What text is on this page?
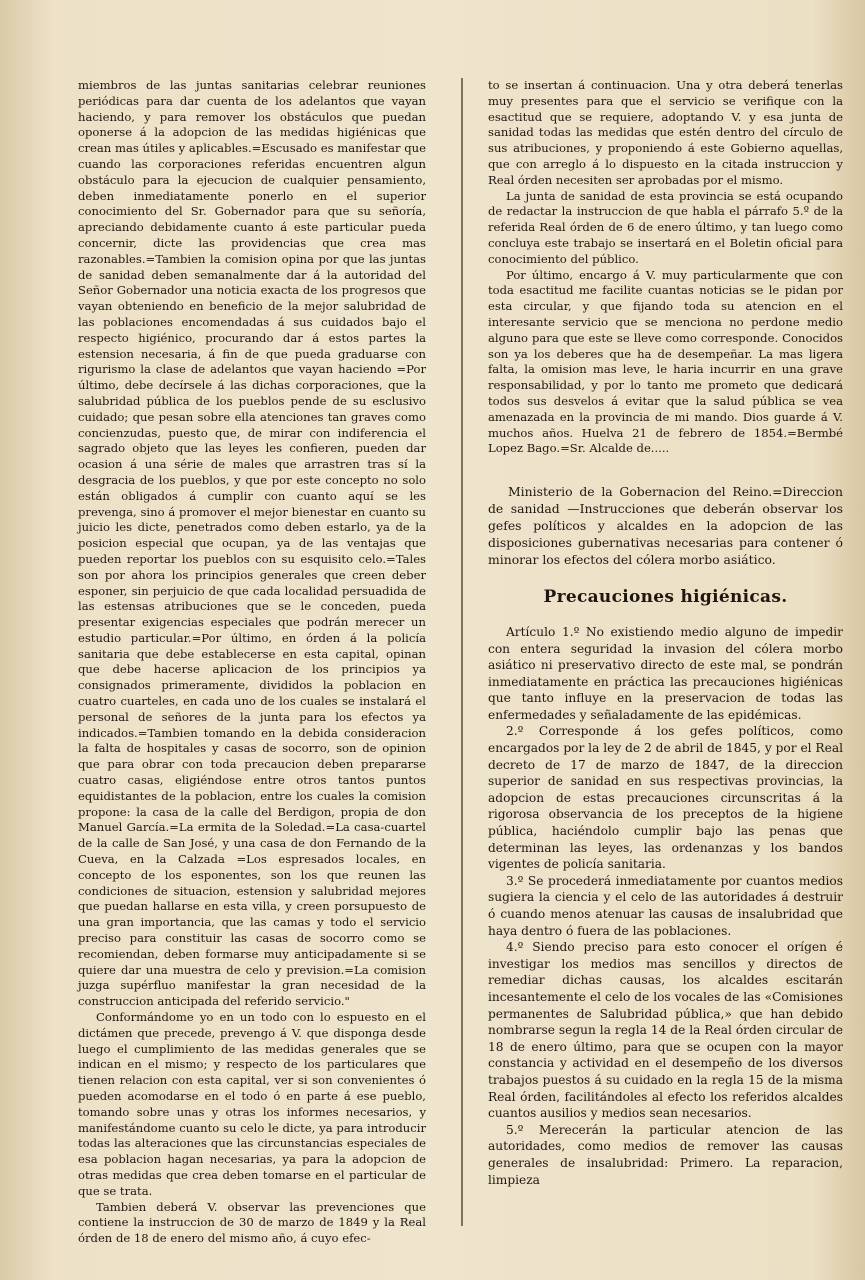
miembros de las juntas sanitarias celebrar reuniones periódicas para dar cuenta de los adelantos que vayan haciendo, y para remover los obstáculos que puedan oponerse á la adopcion de las medidas higiénicas que crean mas útiles y aplicables.=Escusado es manifestar que cuando las corporaciones referidas encuentren algun obstáculo para la ejecucion de cualquier pensamiento, deben inmediatamente ponerlo en el superior conocimiento del Sr. Gobernador para que su señoría, apreciando debidamente cuanto á este particular pueda concernir, dicte las providencias que crea mas razonables.=Tambien la comision opina por que las juntas de sanidad deben semanalmente dar á la autoridad del Señor Gobernador una noticia exacta de los progresos que vayan obteniendo en beneficio de la mejor salubridad de las poblaciones encomendadas á sus cuidados bajo el respecto higiénico, procurando dar á estos partes la estension necesaria, á fin de que pueda graduarse con rigurismo la clase de adelantos que vayan haciendo =Por último, debe decírsele á las dichas corporaciones, que la salubridad pública de los pueblos pende de su esclusivo cuidado; que pesan sobre ella atenciones tan graves como concienzudas, puesto que, de mirar con indiferencia el sagrado objeto que las leyes les confieren, pueden dar ocasion á una série de males que arrastren tras sí la desgracia de los pueblos, y que por este concepto no solo están obligados á cumplir con cuanto aquí se les prevenga, sino á promover el mejor bienestar en cuanto su juicio les dicte, penetrados como deben estarlo, ya de la posicion especial que ocupan, ya de las ventajas que pueden reportar los pueblos con su esquisito celo.=Tales son por ahora los principios generales que creen deber esponer, sin perjuicio de que cada localidad persuadida de las estensas atribuciones que se le conceden, pueda presentar exigencias especiales que podrán merecer un estudio particular.=Por último, en órden á la policía sanitaria que debe establecerse en esta capital, opinan que debe hacerse aplicacion de los principios ya consignados primeramente, divididos la poblacion en cuatro cuarteles, en cada uno de los cuales se instalará el personal de señores de la junta para los efectos ya indicados.=Tambien tomando en la debida consideracion la falta de hospitales y casas de socorro, son de opinion que para obrar con toda precaucion deben prepararse cuatro casas, eligiéndose entre otros tantos puntos equidistantes de la poblacion, entre los cuales la comision propone: la casa de la calle del Berdigon, propia de don Manuel García.=La ermita de la Soledad.=La casa-cuartel de la calle de San José, y una casa de don Fernando de la Cueva, en la Calzada =Los espresados locales, en concepto de los esponentes, son los que reunen las condiciones de situacion, estension y salubridad mejores que puedan hallarse en esta villa, y creen porsupuesto de una gran importancia, que las camas y todo el servicio preciso para constituir las casas de socorro como se recomiendan, deben formarse muy anticipadamente si se quiere dar una muestra de celo y prevision.=La comision juzga supérfluo manifestar la gran necesidad de la construccion anticipada del referido servicio."

Conformándome yo en un todo con lo espuesto en el dictámen que precede, prevengo á V. que disponga desde luego el cumplimiento de las medidas generales que se indican en el mismo; y respecto de los particulares que tienen relacion con esta capital, ver si son convenientes ó pueden acomodarse en el todo ó en parte á ese pueblo, tomando sobre unas y otras los informes necesarios, y manifestándome cuanto su celo le dicte, ya para introducir todas las alteraciones que las circunstancias especiales de esa poblacion hagan necesarias, ya para la adopcion de otras medidas que crea deben tomarse en el particular de que se trata.

Tambien deberá V. observar las prevenciones que contiene la instruccion de 30 de marzo de 1849 y la Real órden de 18 de enero del mismo año, á cuyo efec-

to se insertan á continuacion. Una y otra deberá tenerlas muy presentes para que el servicio se verifique con la esactitud que se requiere, adoptando V. y esa junta de sanidad todas las medidas que estén dentro del círculo de sus atribuciones, y proponiendo á este Gobierno aquellas, que con arreglo á lo dispuesto en la citada instruccion y Real órden necesiten ser aprobadas por el mismo.

La junta de sanidad de esta provincia se está ocupando de redactar la instruccion de que habla el párrafo 5.º de la referida Real órden de 6 de enero último, y tan luego como concluya este trabajo se insertará en el Boletin oficial para conocimiento del público.

Por último, encargo á V. muy particularmente que con toda esactitud me facilite cuantas noticias se le pidan por esta circular, y que fijando toda su atencion en el interesante servicio que se menciona no perdone medio alguno para que este se lleve como corresponde. Conocidos son ya los deberes que ha de desempeñar. La mas ligera falta, la omision mas leve, le haria incurrir en una grave responsabilidad, y por lo tanto me prometo que dedicará todos sus desvelos á evitar que la salud pública se vea amenazada en la provincia de mi mando. Dios guarde á V. muchos años. Huelva 21 de febrero de 1854.=Bermbé Lopez Bago.=Sr. Alcalde de.....

Ministerio de la Gobernacion del Reino.=Direccion de sanidad —Instrucciones que deberán observar los gefes políticos y alcaldes en la adopcion de las disposiciones gubernativas necesarias para contener ó minorar los efectos del cólera morbo asiático.

Precauciones higiénicas.

Artículo 1.º No existiendo medio alguno de impedir con entera seguridad la invasion del cólera morbo asiático ni preservativo directo de este mal, se pondrán inmediatamente en práctica las precauciones higiénicas que tanto influye en la preservacion de todas las enfermedades y señaladamente de las epidémicas.

2.º Corresponde á los gefes políticos, como encargados por la ley de 2 de abril de 1845, y por el Real decreto de 17 de marzo de 1847, de la direccion superior de sanidad en sus respectivas provincias, la adopcion de estas precauciones circunscritas á la rigorosa observancia de los preceptos de la higiene pública, haciéndolo cumplir bajo las penas que determinan las leyes, las ordenanzas y los bandos vigentes de policía sanitaria.

3.º Se procederá inmediatamente por cuantos medios sugiera la ciencia y el celo de las autoridades á destruir ó cuando menos atenuar las causas de insalubridad que haya dentro ó fuera de las poblaciones.

4.º Siendo preciso para esto conocer el orígen é investigar los medios mas sencillos y directos de remediar dichas causas, los alcaldes escitarán incesantemente el celo de los vocales de las «Comisiones permanentes de Salubridad pública,» que han debido nombrarse segun la regla 14 de la Real órden circular de 18 de enero último, para que se ocupen con la mayor constancia y actividad en el desempeño de los diversos trabajos puestos á su cuidado en la regla 15 de la misma Real órden, facilitándoles al efecto los referidos alcaldes cuantos ausilios y medios sean necesarios.

5.º Merecerán la particular atencion de las autoridades, como medios de remover las causas generales de insalubridad: Primero. La reparacion, limpieza
